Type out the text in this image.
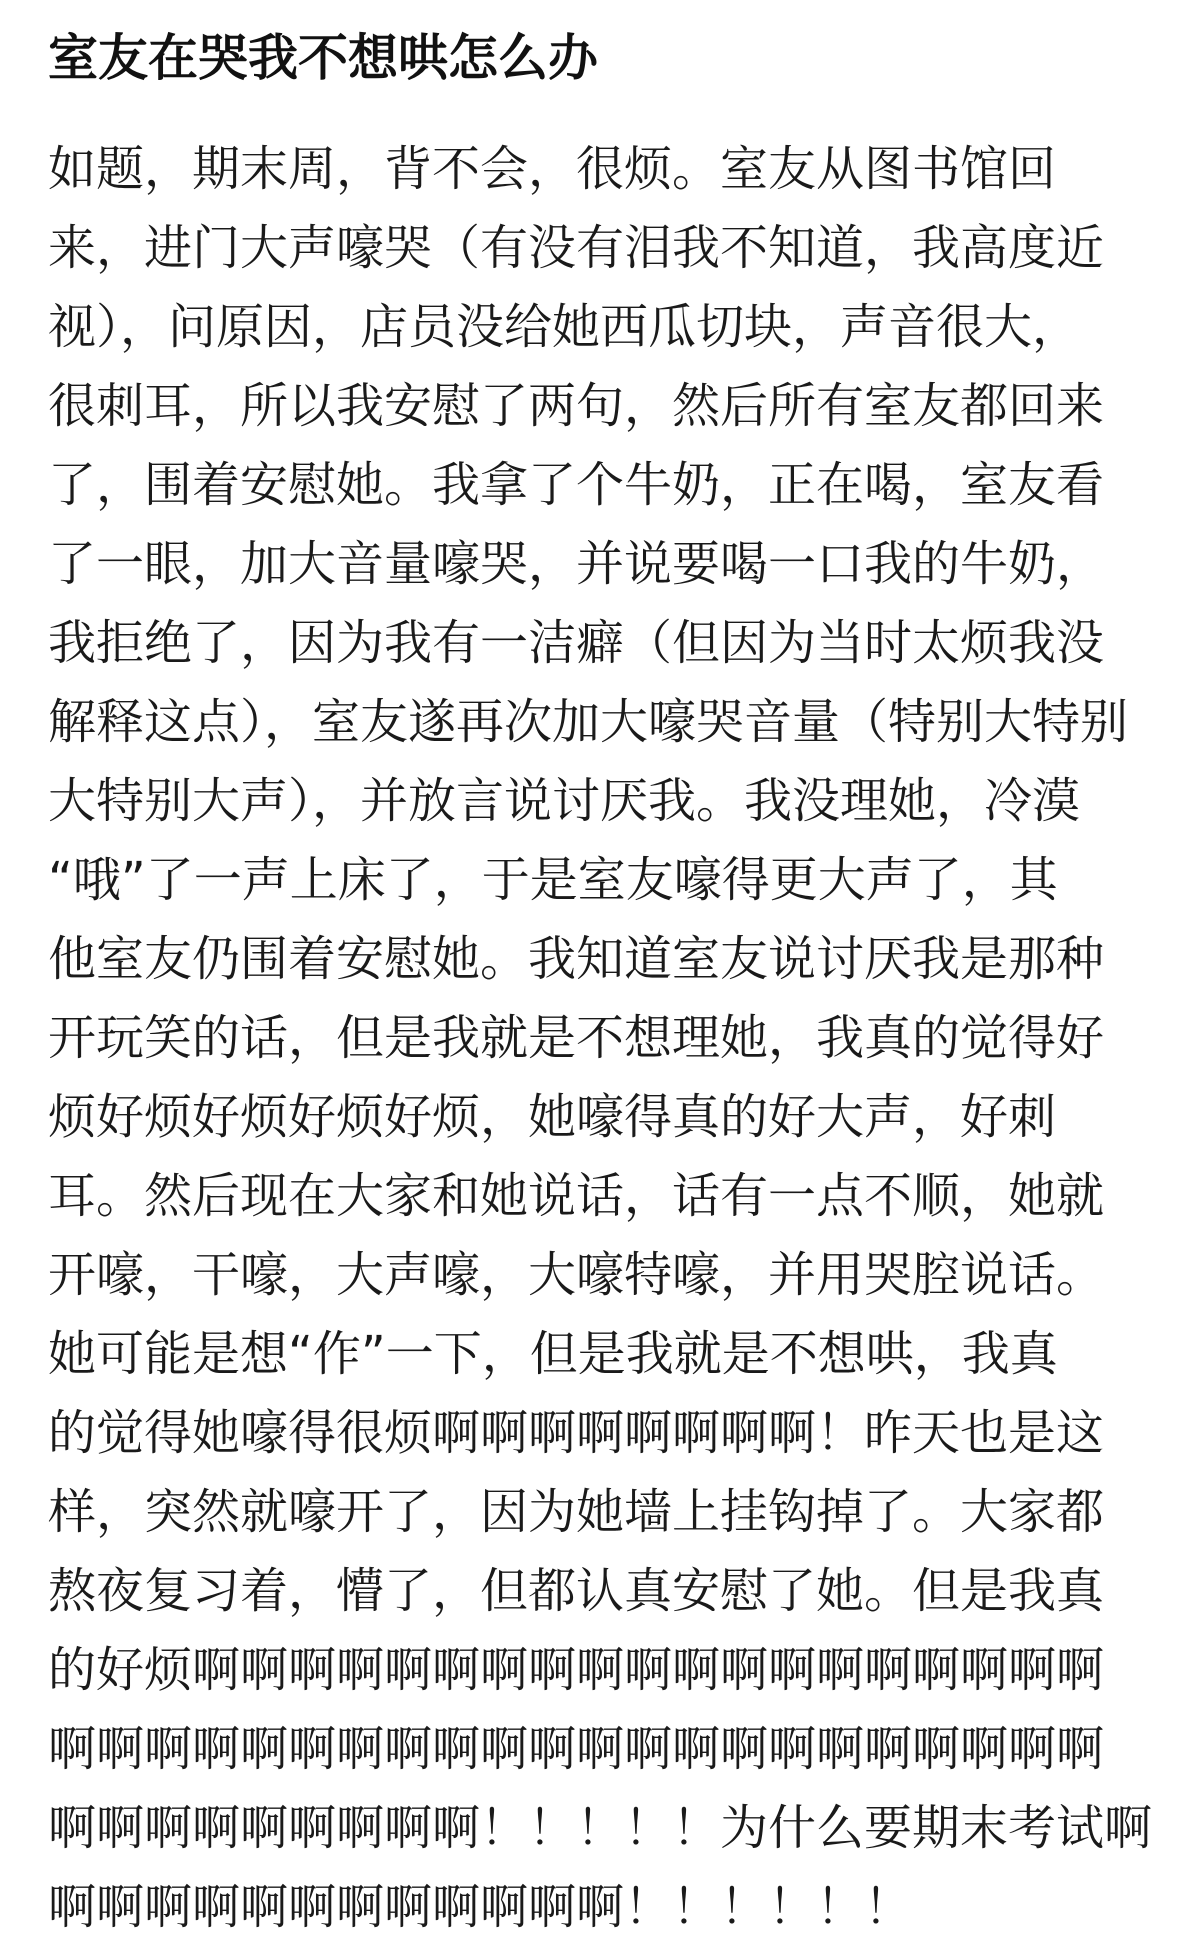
室友在哭我不想哄怎么办
如题，期末周，背不会，很烦。室友从图书馆回
来，进门大声嚎哭（有没有泪我不知道，我高度近
视），问原因，店员没给她西瓜切块，声音很大，
很刺耳，所以我安慰了两句，然后所有室友都回来
了，围着安慰她。我拿了个牛奶，正在喝，室友看
了一眼，加大音量嚎哭，并说要喝一口我的牛奶，
我拒绝了，因为我有一洁癖（但因为当时太烦我没
解释这点），室友遂再次加大嚎哭音量（特别大特别
大特别大声），并放言说讨厌我。我没理她，冷漠
“哦”了一声上床了，于是室友嚎得更大声了，其
他室友仍围着安慰她。我知道室友说讨厌我是那种
开玩笑的话，但是我就是不想理她，我真的觉得好
烦好烦好烦好烦好烦，她嚎得真的好大声，好刺
耳。然后现在大家和她说话，话有一点不顺，她就
开嚎，干嚎，大声嚎，大嚎特嚎，并用哭腔说话。
她可能是想“作”一下，但是我就是不想哄，我真
的觉得她嚎得很烦啊啊啊啊啊啊啊啊！昨天也是这
样，突然就嚎开了，因为她墙上挂钩掉了。大家都
熬夜复习着，懵了，但都认真安慰了她。但是我真
的好烦啊啊啊啊啊啊啊啊啊啊啊啊啊啊啊啊啊啊啊
啊啊啊啊啊啊啊啊啊啊啊啊啊啊啊啊啊啊啊啊啊啊
啊啊啊啊啊啊啊啊啊！！！！！为什么要期末考试啊
啊啊啊啊啊啊啊啊啊啊啊啊！！！！！！
